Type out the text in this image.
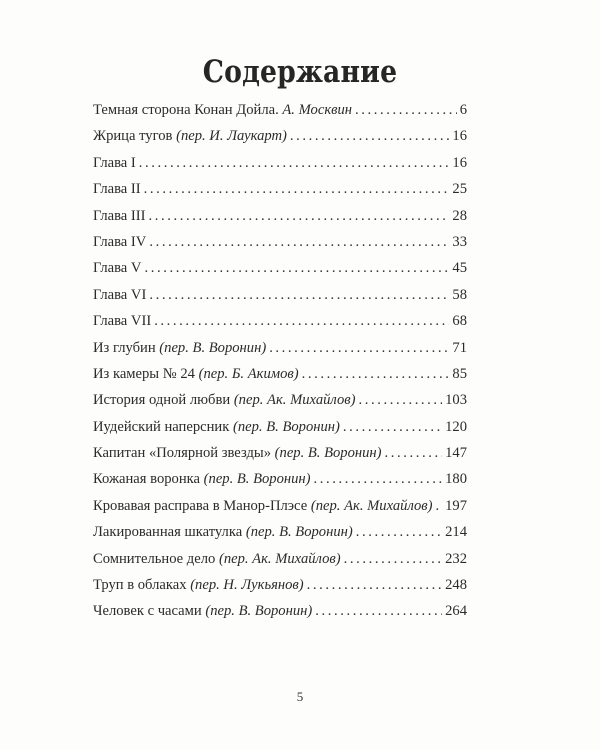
Содержание
Темная сторона Конан Дойла. А. Москвин .....	6
Жрица тугов (пер. И. Лаукарт) .....	16
Глава I .....	16
Глава II .....	25
Глава III .....	28
Глава IV .....	33
Глава V .....	45
Глава VI .....	58
Глава VII .....	68
Из глубин (пер. В. Воронин) .....	71
Из камеры № 24 (пер. Б. Акимов) .....	85
История одной любви (пер. Ак. Михайлов) .....	103
Иудейский наперсник (пер. В. Воронин) .....	120
Капитан «Полярной звезды» (пер. В. Воронин) .....	147
Кожаная воронка (пер. В. Воронин) .....	180
Кровавая расправа в Манор-Плэсе (пер. Ак. Михайлов) ..... 197
Лакированная шкатулка (пер. В. Воронин) .....	214
Сомнительное дело (пер. Ак. Михайлов) .....	232
Труп в облаках (пер. Н. Лукьянов) .....	248
Человек с часами (пер. В. Воронин) .....	264
5
